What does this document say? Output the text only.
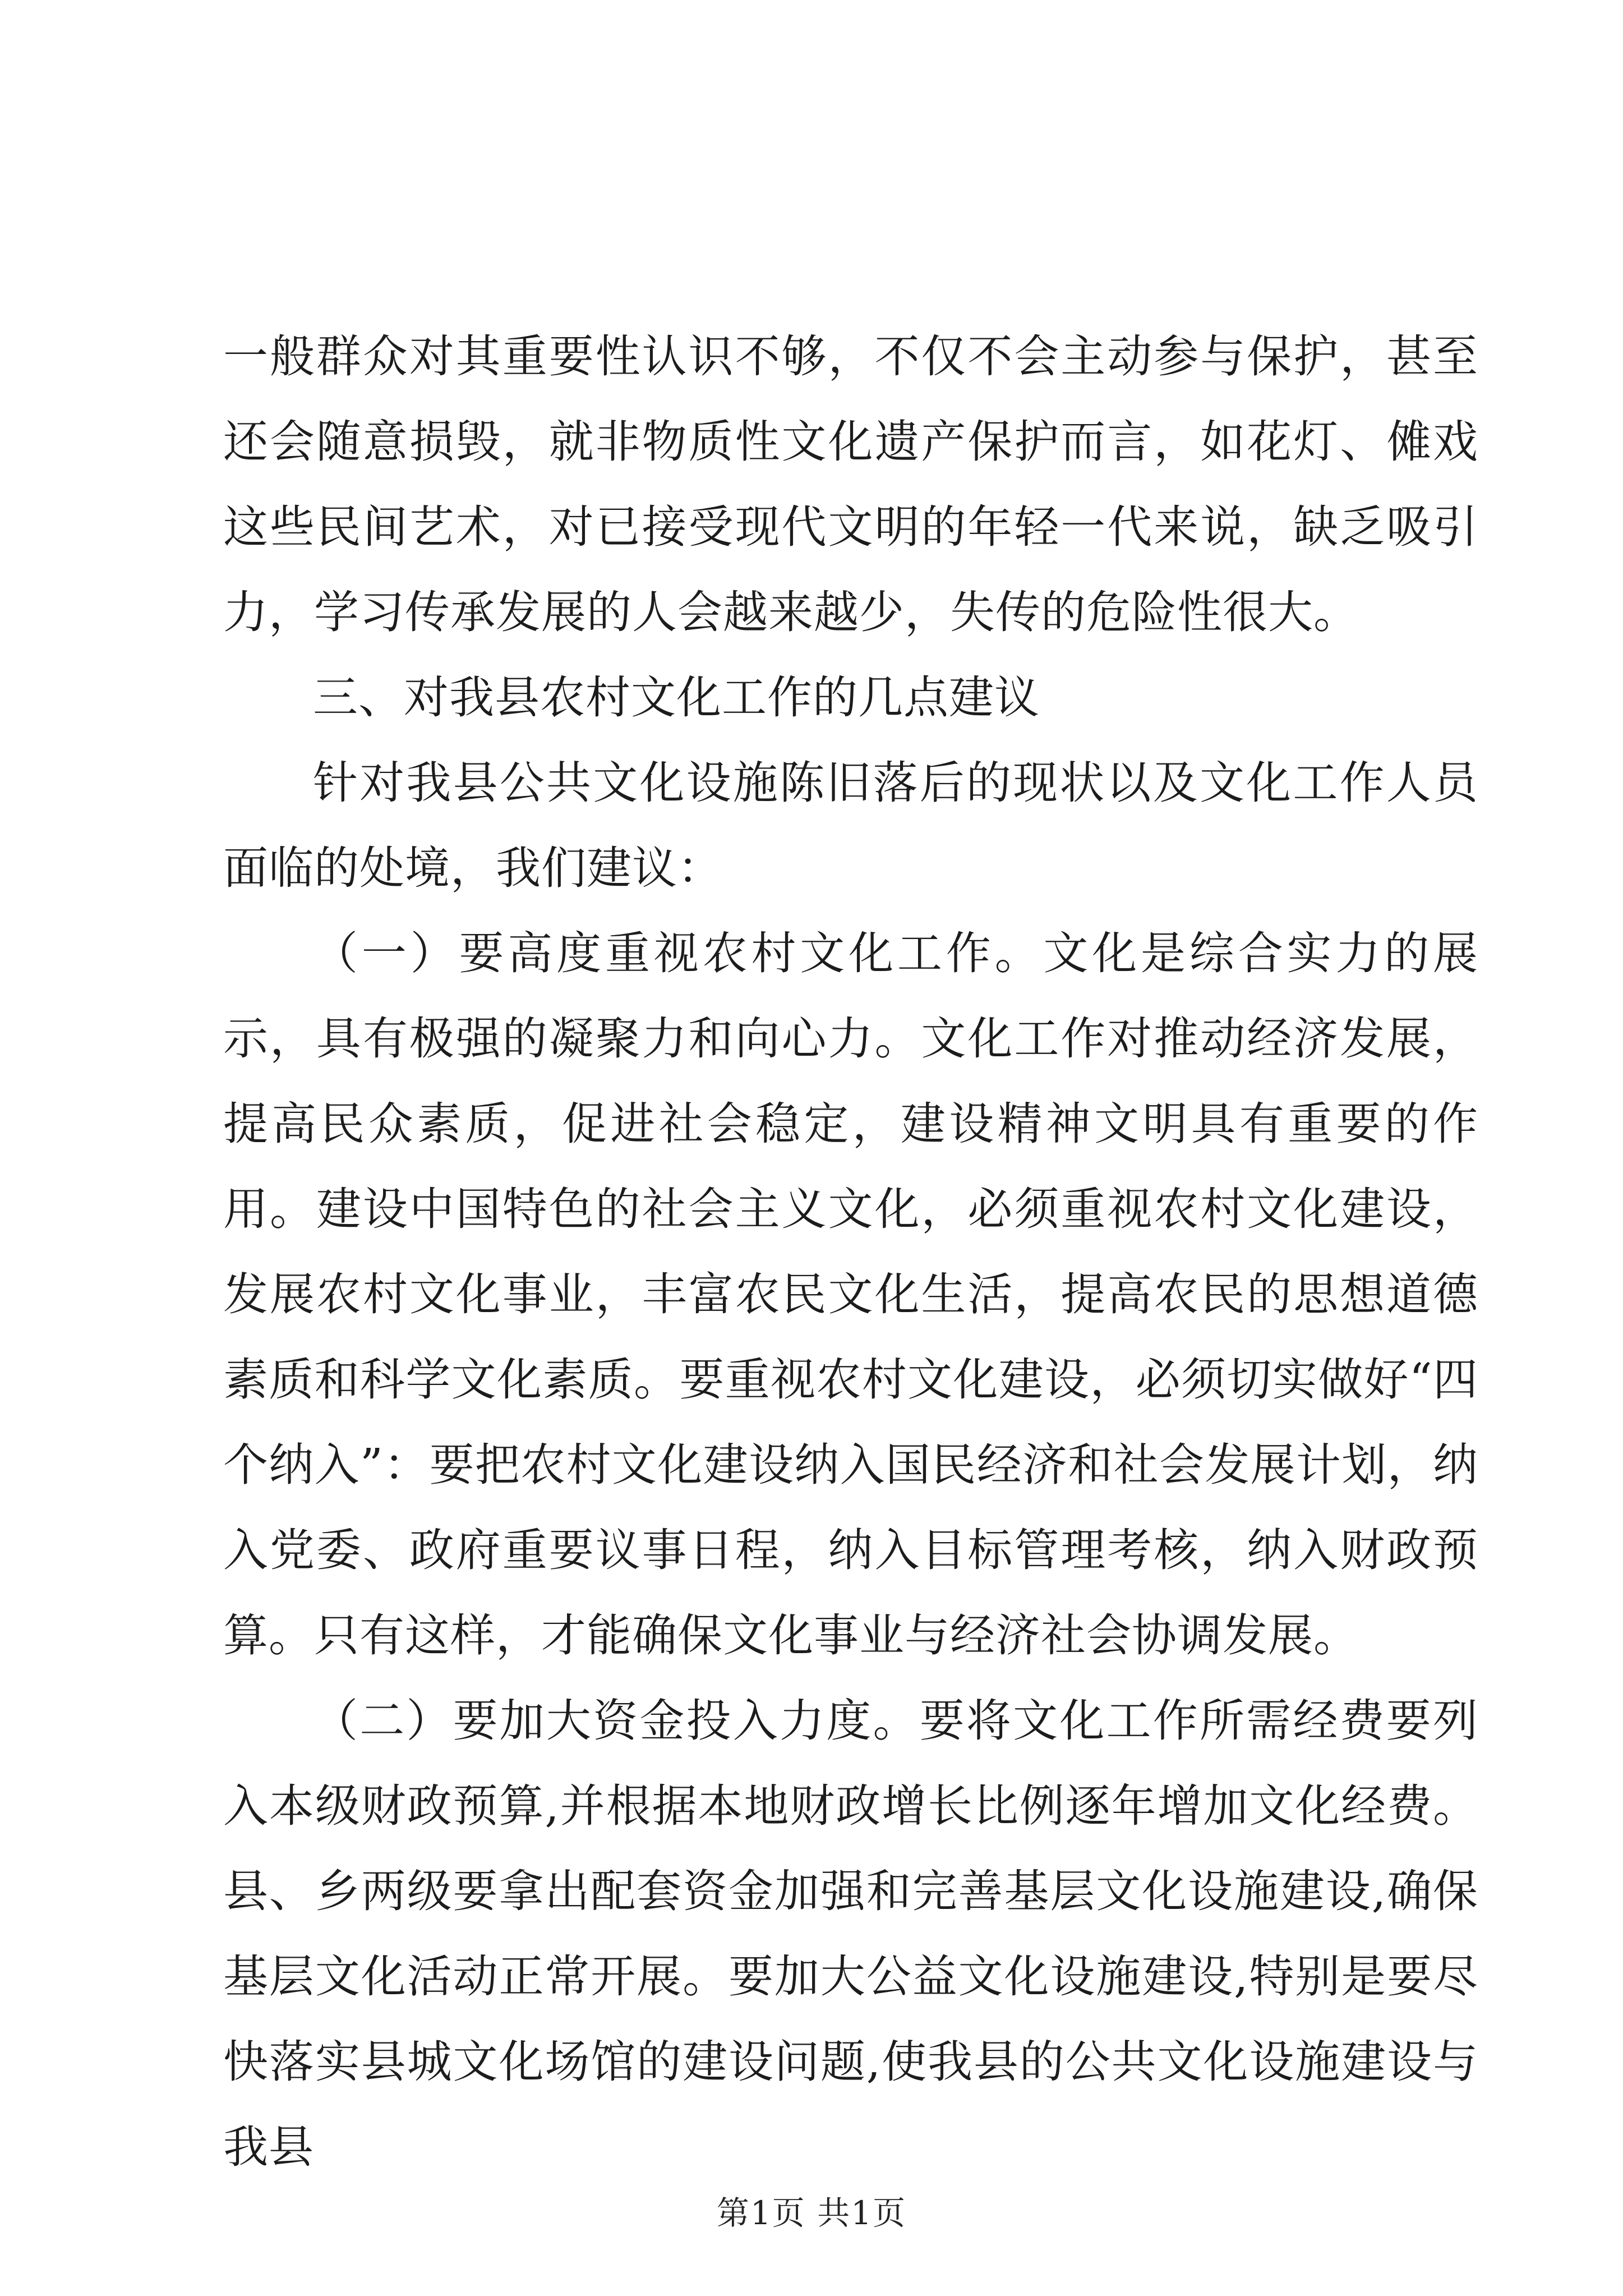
一般群众对其重要性认识不够，不仅不会主动参与保护，甚至还会随意损毁，就非物质性文化遗产保护而言，如花灯、傩戏这些民间艺术，对已接受现代文明的年轻一代来说，缺乏吸引力，学习传承发展的人会越来越少，失传的危险性很大。

三、对我县农村文化工作的几点建议

针对我县公共文化设施陈旧落后的现状以及文化工作人员面临的处境，我们建议：

（一）要高度重视农村文化工作。文化是综合实力的展示，具有极强的凝聚力和向心力。文化工作对推动经济发展，提高民众素质，促进社会稳定，建设精神文明具有重要的作用。建设中国特色的社会主义文化，必须重视农村文化建设，发展农村文化事业，丰富农民文化生活，提高农民的思想道德素质和科学文化素质。要重视农村文化建设，必须切实做好“四个纳入”：要把农村文化建设纳入国民经济和社会发展计划，纳入党委、政府重要议事日程，纳入目标管理考核，纳入财政预算。只有这样，才能确保文化事业与经济社会协调发展。

（二）要加大资金投入力度。要将文化工作所需经费要列入本级财政预算,并根据本地财政增长比例逐年增加文化经费。县、乡两级要拿出配套资金加强和完善基层文化设施建设,确保基层文化活动正常开展。要加大公益文化设施建设,特别是要尽快落实县城文化场馆的建设问题,使我县的公共文化设施建设与我县

第1页 共1页
